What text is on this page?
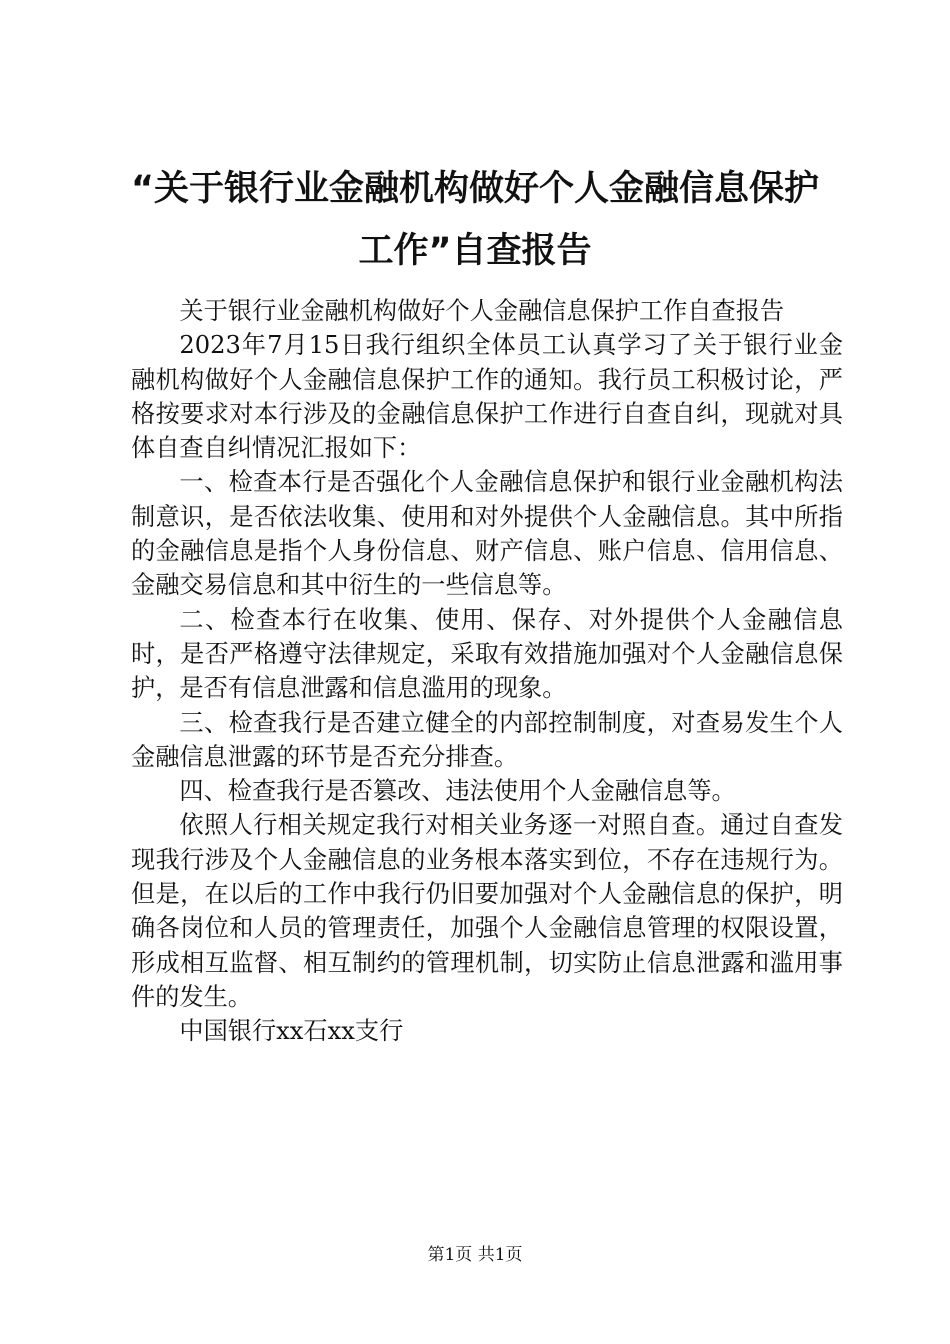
“关于银行业金融机构做好个人金融信息保护
工作”自查报告

关于银行业金融机构做好个人金融信息保护工作自查报告

2023年7月15日我行组织全体员工认真学习了关于银行业金融机构做好个人金融信息保护工作的通知。我行员工积极讨论，严格按要求对本行涉及的金融信息保护工作进行自查自纠，现就对具体自查自纠情况汇报如下：

一、检查本行是否强化个人金融信息保护和银行业金融机构法制意识，是否依法收集、使用和对外提供个人金融信息。其中所指的金融信息是指个人身份信息、财产信息、账户信息、信用信息、金融交易信息和其中衍生的一些信息等。

二、检查本行在收集、使用、保存、对外提供个人金融信息时，是否严格遵守法律规定，采取有效措施加强对个人金融信息保护，是否有信息泄露和信息滥用的现象。

三、检查我行是否建立健全的内部控制制度，对查易发生个人金融信息泄露的环节是否充分排查。

四、检查我行是否篡改、违法使用个人金融信息等。

依照人行相关规定我行对相关业务逐一对照自查。通过自查发现我行涉及个人金融信息的业务根本落实到位，不存在违规行为。但是，在以后的工作中我行仍旧要加强对个人金融信息的保护，明确各岗位和人员的管理责任，加强个人金融信息管理的权限设置，形成相互监督、相互制约的管理机制，切实防止信息泄露和滥用事件的发生。

中国银行xx石xx支行

第1页 共1页
